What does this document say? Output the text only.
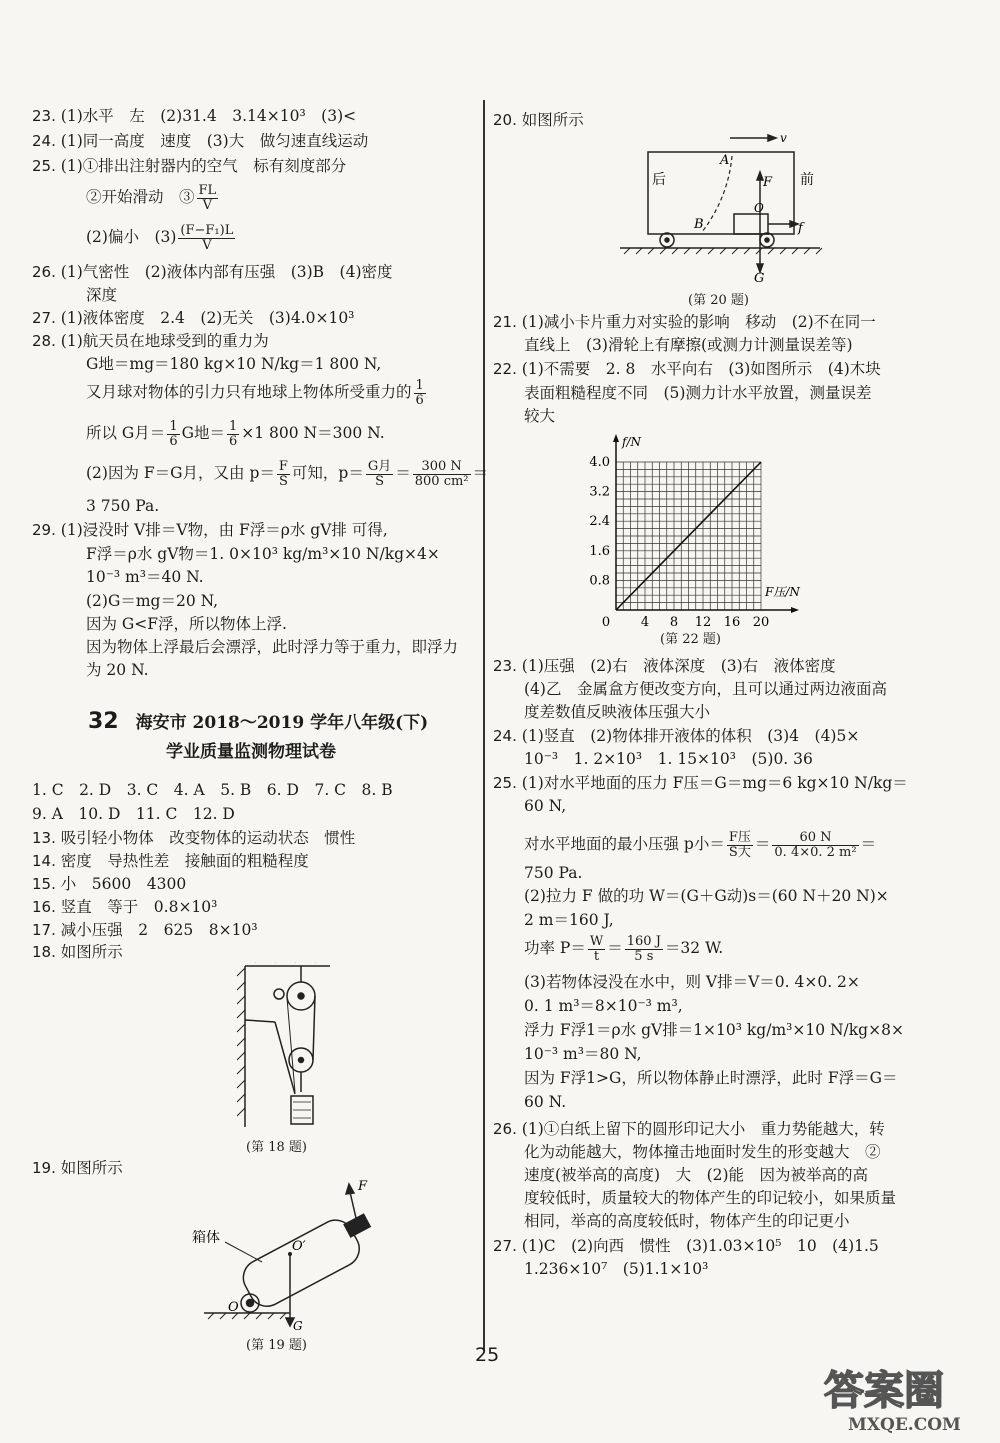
23. (1)水平　左　(2)31.4　3.14×10³　(3)<
24. (1)同一高度　速度　(3)大　做匀速直线运动
25. (1)①排出注射器内的空气　标有刻度部分
②开始滑动　③ $\frac{FL}{V}$
(2)偏小　$(3) \frac{\text{(F−F₁)L}}{V}$
26. (1)气密性　(2)液体内部有压强　(3)B　(4)密度
深度
27. (1)液体密度　2.4　(2)无关　(3)4.0×10³
28. (1)航天员在地球受到的重力为
G地＝mg＝180 kg×10 N/kg＝1 800 N,
又月球对物体的引力只有地球上物体所受重力的 $\frac{1}{6}$
所以 G月＝ $\frac{1}{6}$ G地＝ $\frac{1}{6} \times 1$ 800 N＝300 N.
(2)因为 F＝G月，又由 $p= \frac{F}{S}$ 可知，$p= \frac{\text{G月}}{S} = \frac{300 N}{\text{800 cm²}}$ ＝
3 750 Pa.
29. (1)浸没时 V排＝V物，由 F浮＝ρ水 gV排 可得,
F浮＝ρ水 gV物＝1. 0×10³ kg/m³×10 N/kg×4×
10⁻³ m³＝40 N.
(2)G＝mg＝20 N,
因为 G<F浮，所以物体上浮.
因为物体上浮最后会漂浮，此时浮力等于重力，即浮力
为 20 N.
32　 海安市 2018～2019 学年八年级(下)
学业质量监测物理试卷
1. C　2. D　3. C　4. A　5. B　6. D　7. C　8. B
9. A　10. D　11. C　12. D
13. 吸引轻小物体　改变物体的运动状态　惯性
14. 密度　导热性差　接触面的粗糙程度
15. 小　5600　4300
16. 竖直　等于　0.8×10³
17. 减小压强　2　625　8×10³
18. 如图所示
(第 18 题)
19. 如图所示
F
箱体
O′
O
G
(第 19 题)
20. 如图所示
v
A
F 前
后
O
B	f
G
(第 20 题)
21. (1)减小卡片重力对实验的影响　移动　(2)不在同一
直线上　(3)滑轮上有摩擦(或测力计测量误差等)
22. (1)不需要　2. 8　水平向右　(3)如图所示　(4)木块
表面粗糙程度不同　(5)测力计水平放置，测量误差
较大
0 4 8 12 16 20
0.8
1.6
2.4
3.2
4.0
F压/N
f/N
(第 22 题)
23. (1)压强　(2)右　液体深度　(3)右　液体密度
(4)乙　金属盒方便改变方向，且可以通过两边液面高
度差数值反映液体压强大小
24. (1)竖直　(2)物体排开液体的体积　(3)4　(4)5×
10⁻³　1. 2×10³　1. 15×10³　(5)0. 36
25. (1)对水平地面的压力 F压＝G＝mg＝6 kg×10 N/kg＝
60 N,
对水平地面的最小压强 p小＝ $\frac{\text{F压}}{\text{S大}} = \frac{60 N}{\text{0. 4×0. 2 m²}}$ ＝
750 Pa.
(2)拉力 F 做的功 W＝(G＋G动)s＝(60 N＋20 N)×
2 m＝160 J,
功率 $P= \frac{W}{t} = \frac{160 J}{5 s} =32$ W.
(3)若物体浸没在水中，则 V排＝V＝0. 4×0. 2×
0. 1 m³＝8×10⁻³ m³,
浮力 F浮1＝ρ水 gV排＝1×10³ kg/m³×10 N/kg×8×
10⁻³ m³＝80 N,
因为 F浮1>G，所以物体静止时漂浮，此时 F浮＝G＝
60 N.
26. (1)①白纸上留下的圆形印记大小　重力势能越大，转
化为动能越大，物体撞击地面时发生的形变越大　②
速度(被举高的高度)　大　(2)能　因为被举高的高
度较低时，质量较大的物体产生的印记较小，如果质量
相同，举高的高度较低时，物体产生的印记更小
27. (1)C　(2)向西　惯性　(3)1.03×10⁵　10　(4)1.5
1.236×10⁷　(5)1.1×10³
25
答案圈
MXQE.COM
